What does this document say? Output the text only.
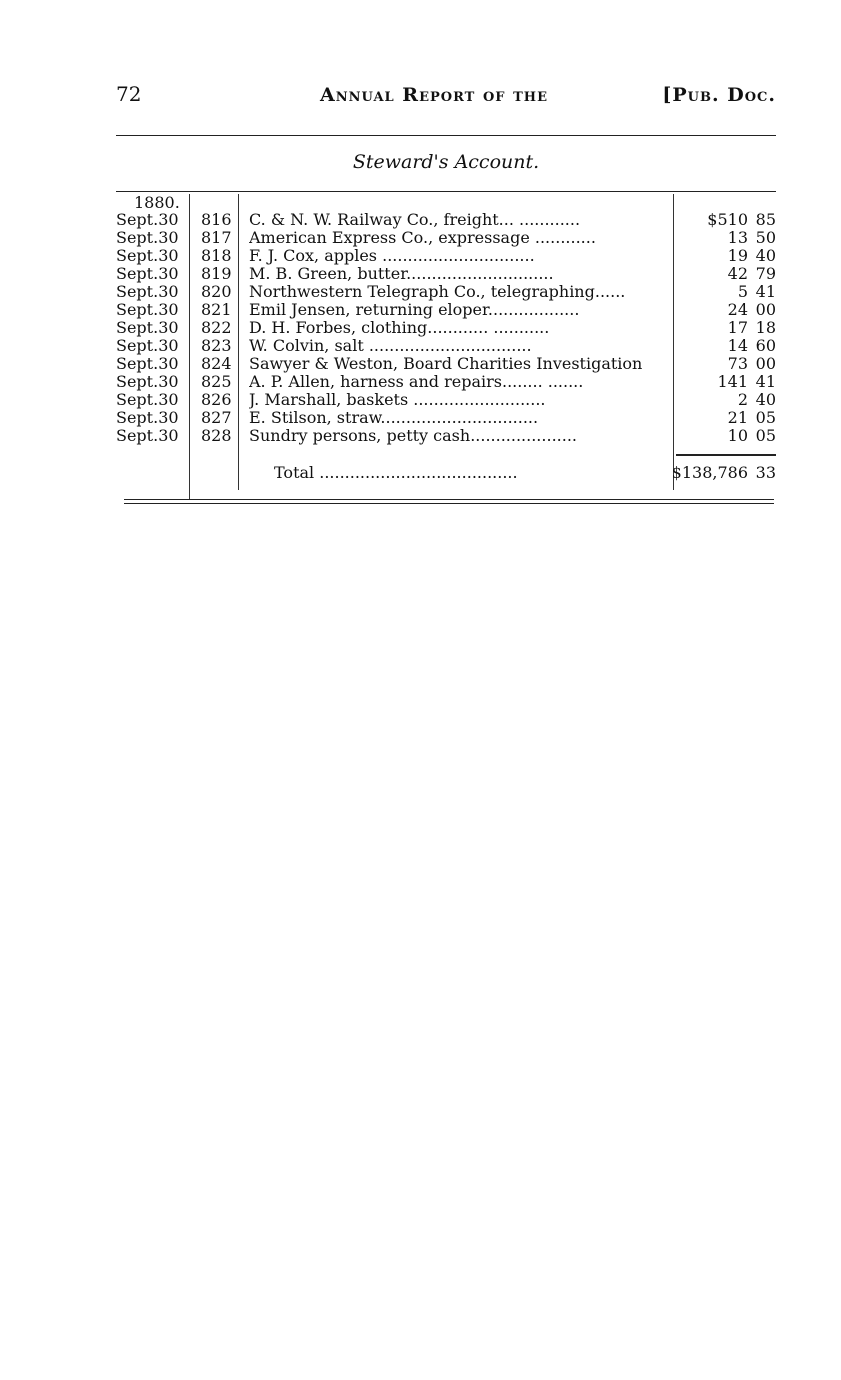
72	Annual Report of the	[Pub. Doc.
Steward's Account.
1880.
Sept.30	816	C. & N. W. Railway Co., freight... ............	$510 85
Sept.30	817	American Express Co., expressage ............	13 50
Sept.30	818	F. J. Cox, apples ..............................	19 40
Sept.30	819	M. B. Green, butter.............................	42 79
Sept.30	820	Northwestern Telegraph Co., telegraphing......	5 41
Sept.30	821	Emil Jensen, returning eloper..................	24 00
Sept.30	822	D. H. Forbes, clothing............ ...........	17 18
Sept.30	823	W. Colvin, salt ................................	14 60
Sept.30	824	Sawyer & Weston, Board Charities Investigation	73 00
Sept.30	825	A. P. Allen, harness and repairs........ .......	141 41
Sept.30	826	J. Marshall, baskets ..........................	2 40
Sept.30	827	E. Stilson, straw...............................	21 05
Sept.30	828	Sundry persons, petty cash.....................	10 05
Total .......................................	$138,786 33
